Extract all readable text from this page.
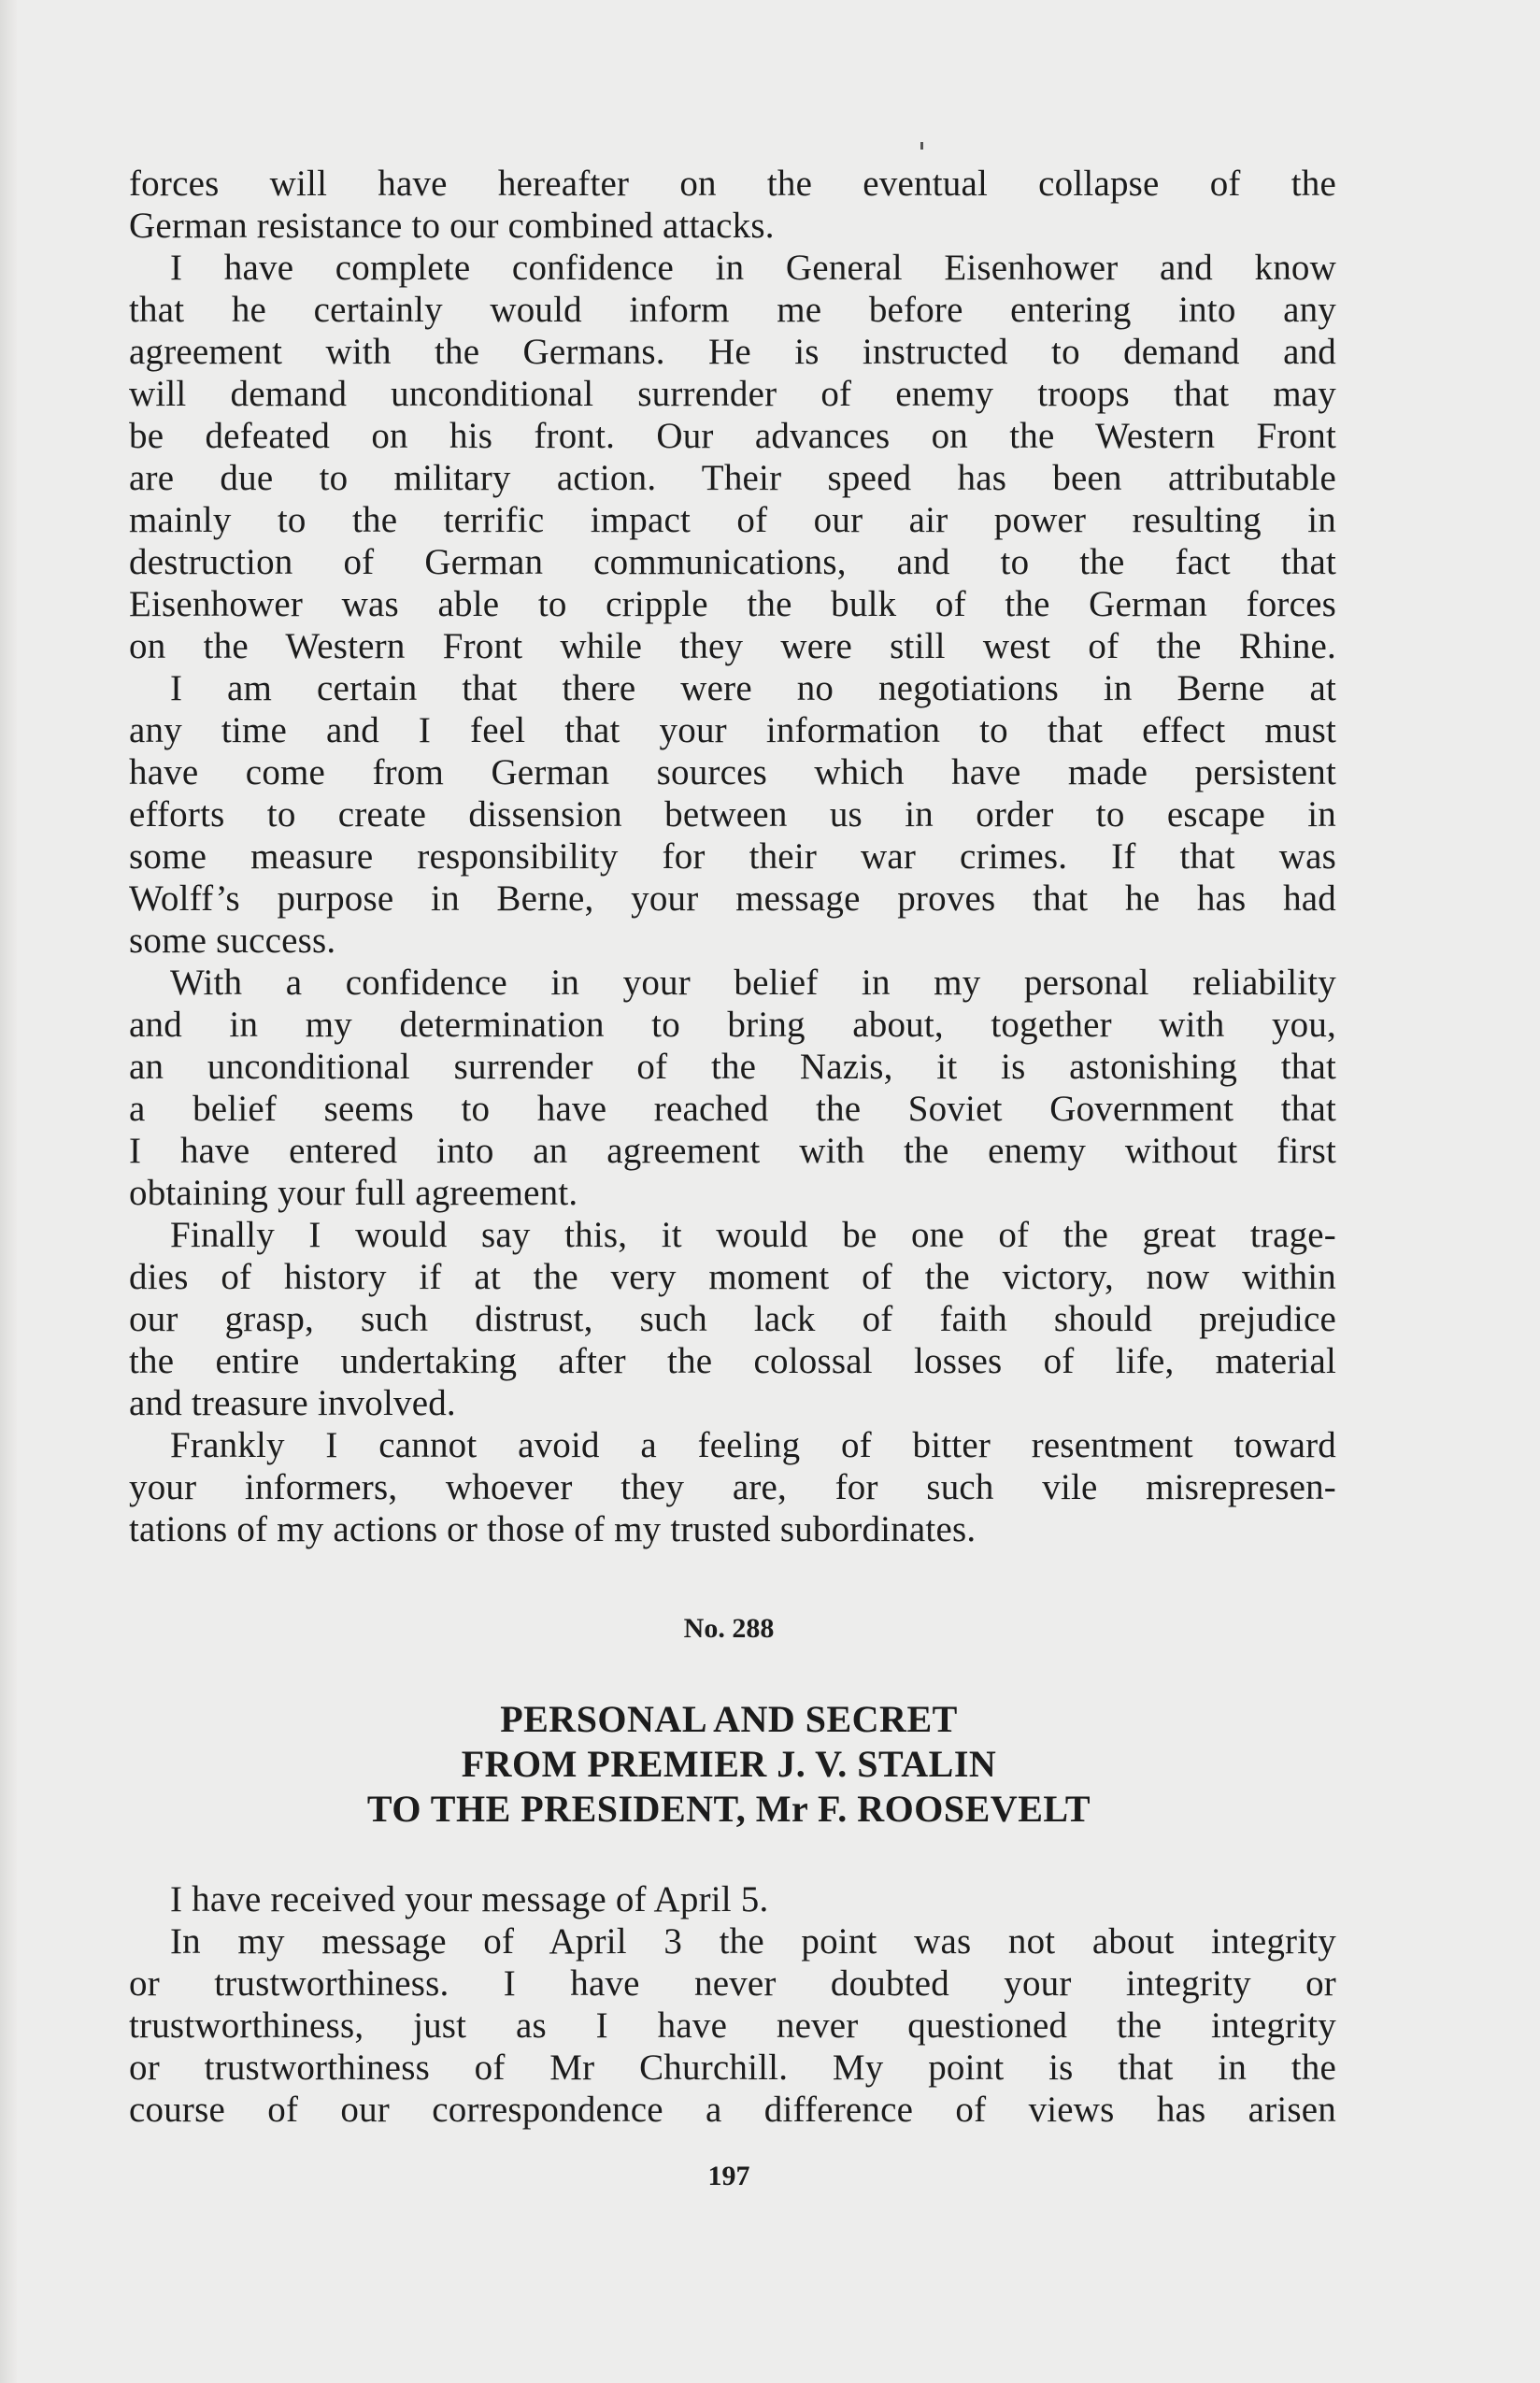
forces will have hereafter on the eventual collapse of the
German resistance to our combined attacks.
I have complete confidence in General Eisenhower and know
that he certainly would inform me before entering into any
agreement with the Germans. He is instructed to demand and
will demand unconditional surrender of enemy troops that may
be defeated on his front. Our advances on the Western Front
are due to military action. Their speed has been attributable
mainly to the terrific impact of our air power resulting in
destruction of German communications, and to the fact that
Eisenhower was able to cripple the bulk of the German forces
on the Western Front while they were still west of the Rhine.
I am certain that there were no negotiations in Berne at
any time and I feel that your information to that effect must
have come from German sources which have made persistent
efforts to create dissension between us in order to escape in
some measure responsibility for their war crimes. If that was
Wolff’s purpose in Berne, your message proves that he has had
some success.
With a confidence in your belief in my personal reliability
and in my determination to bring about, together with you,
an unconditional surrender of the Nazis, it is astonishing that
a belief seems to have reached the Soviet Government that
I have entered into an agreement with the enemy without first
obtaining your full agreement.
Finally I would say this, it would be one of the great trage-
dies of history if at the very moment of the victory, now within
our grasp, such distrust, such lack of faith should prejudice
the entire undertaking after the colossal losses of life, material
and treasure involved.
Frankly I cannot avoid a feeling of bitter resentment toward
your informers, whoever they are, for such vile misrepresen-
tations of my actions or those of my trusted subordinates.
No. 288
PERSONAL AND SECRET
FROM PREMIER J. V. STALIN
TO THE PRESIDENT, Mr F. ROOSEVELT
I have received your message of April 5.
In my message of April 3 the point was not about integrity
or trustworthiness. I have never doubted your integrity or
trustworthiness, just as I have never questioned the integrity
or trustworthiness of Mr Churchill. My point is that in the
course of our correspondence a difference of views has arisen
197
